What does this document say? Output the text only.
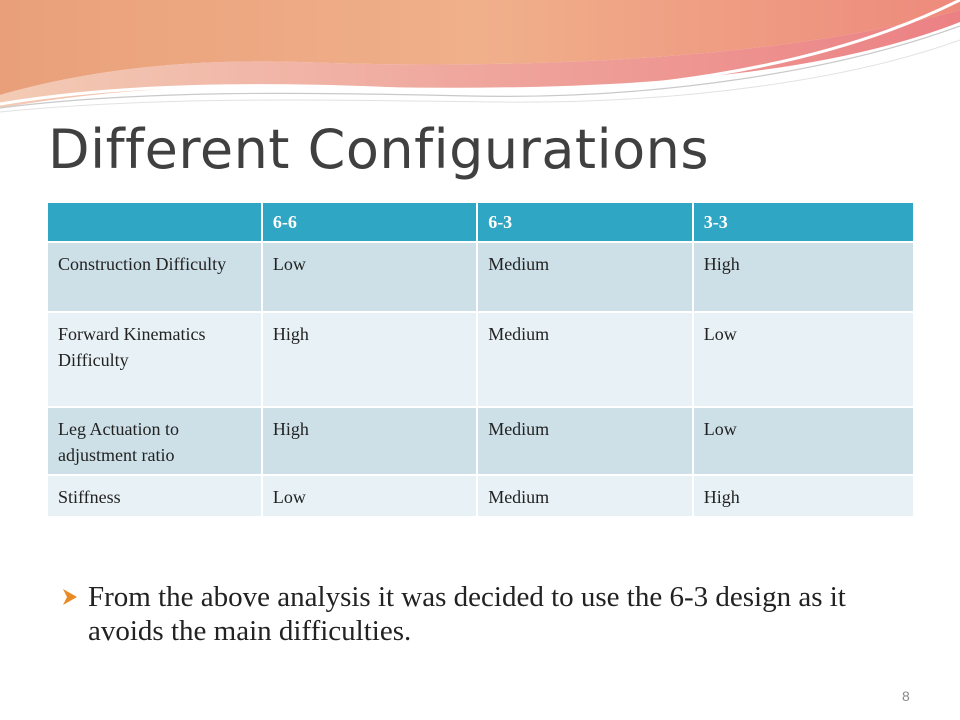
Different Configurations
	6-6	6-3	3-3
Construction Difficulty	Low	Medium	High
Forward Kinematics Difficulty	High	Medium	Low
Leg Actuation to adjustment ratio	High	Medium	Low
Stiffness	Low	Medium	High
From the above analysis it was decided to use the 6-3 design as it avoids the main difficulties.
8
